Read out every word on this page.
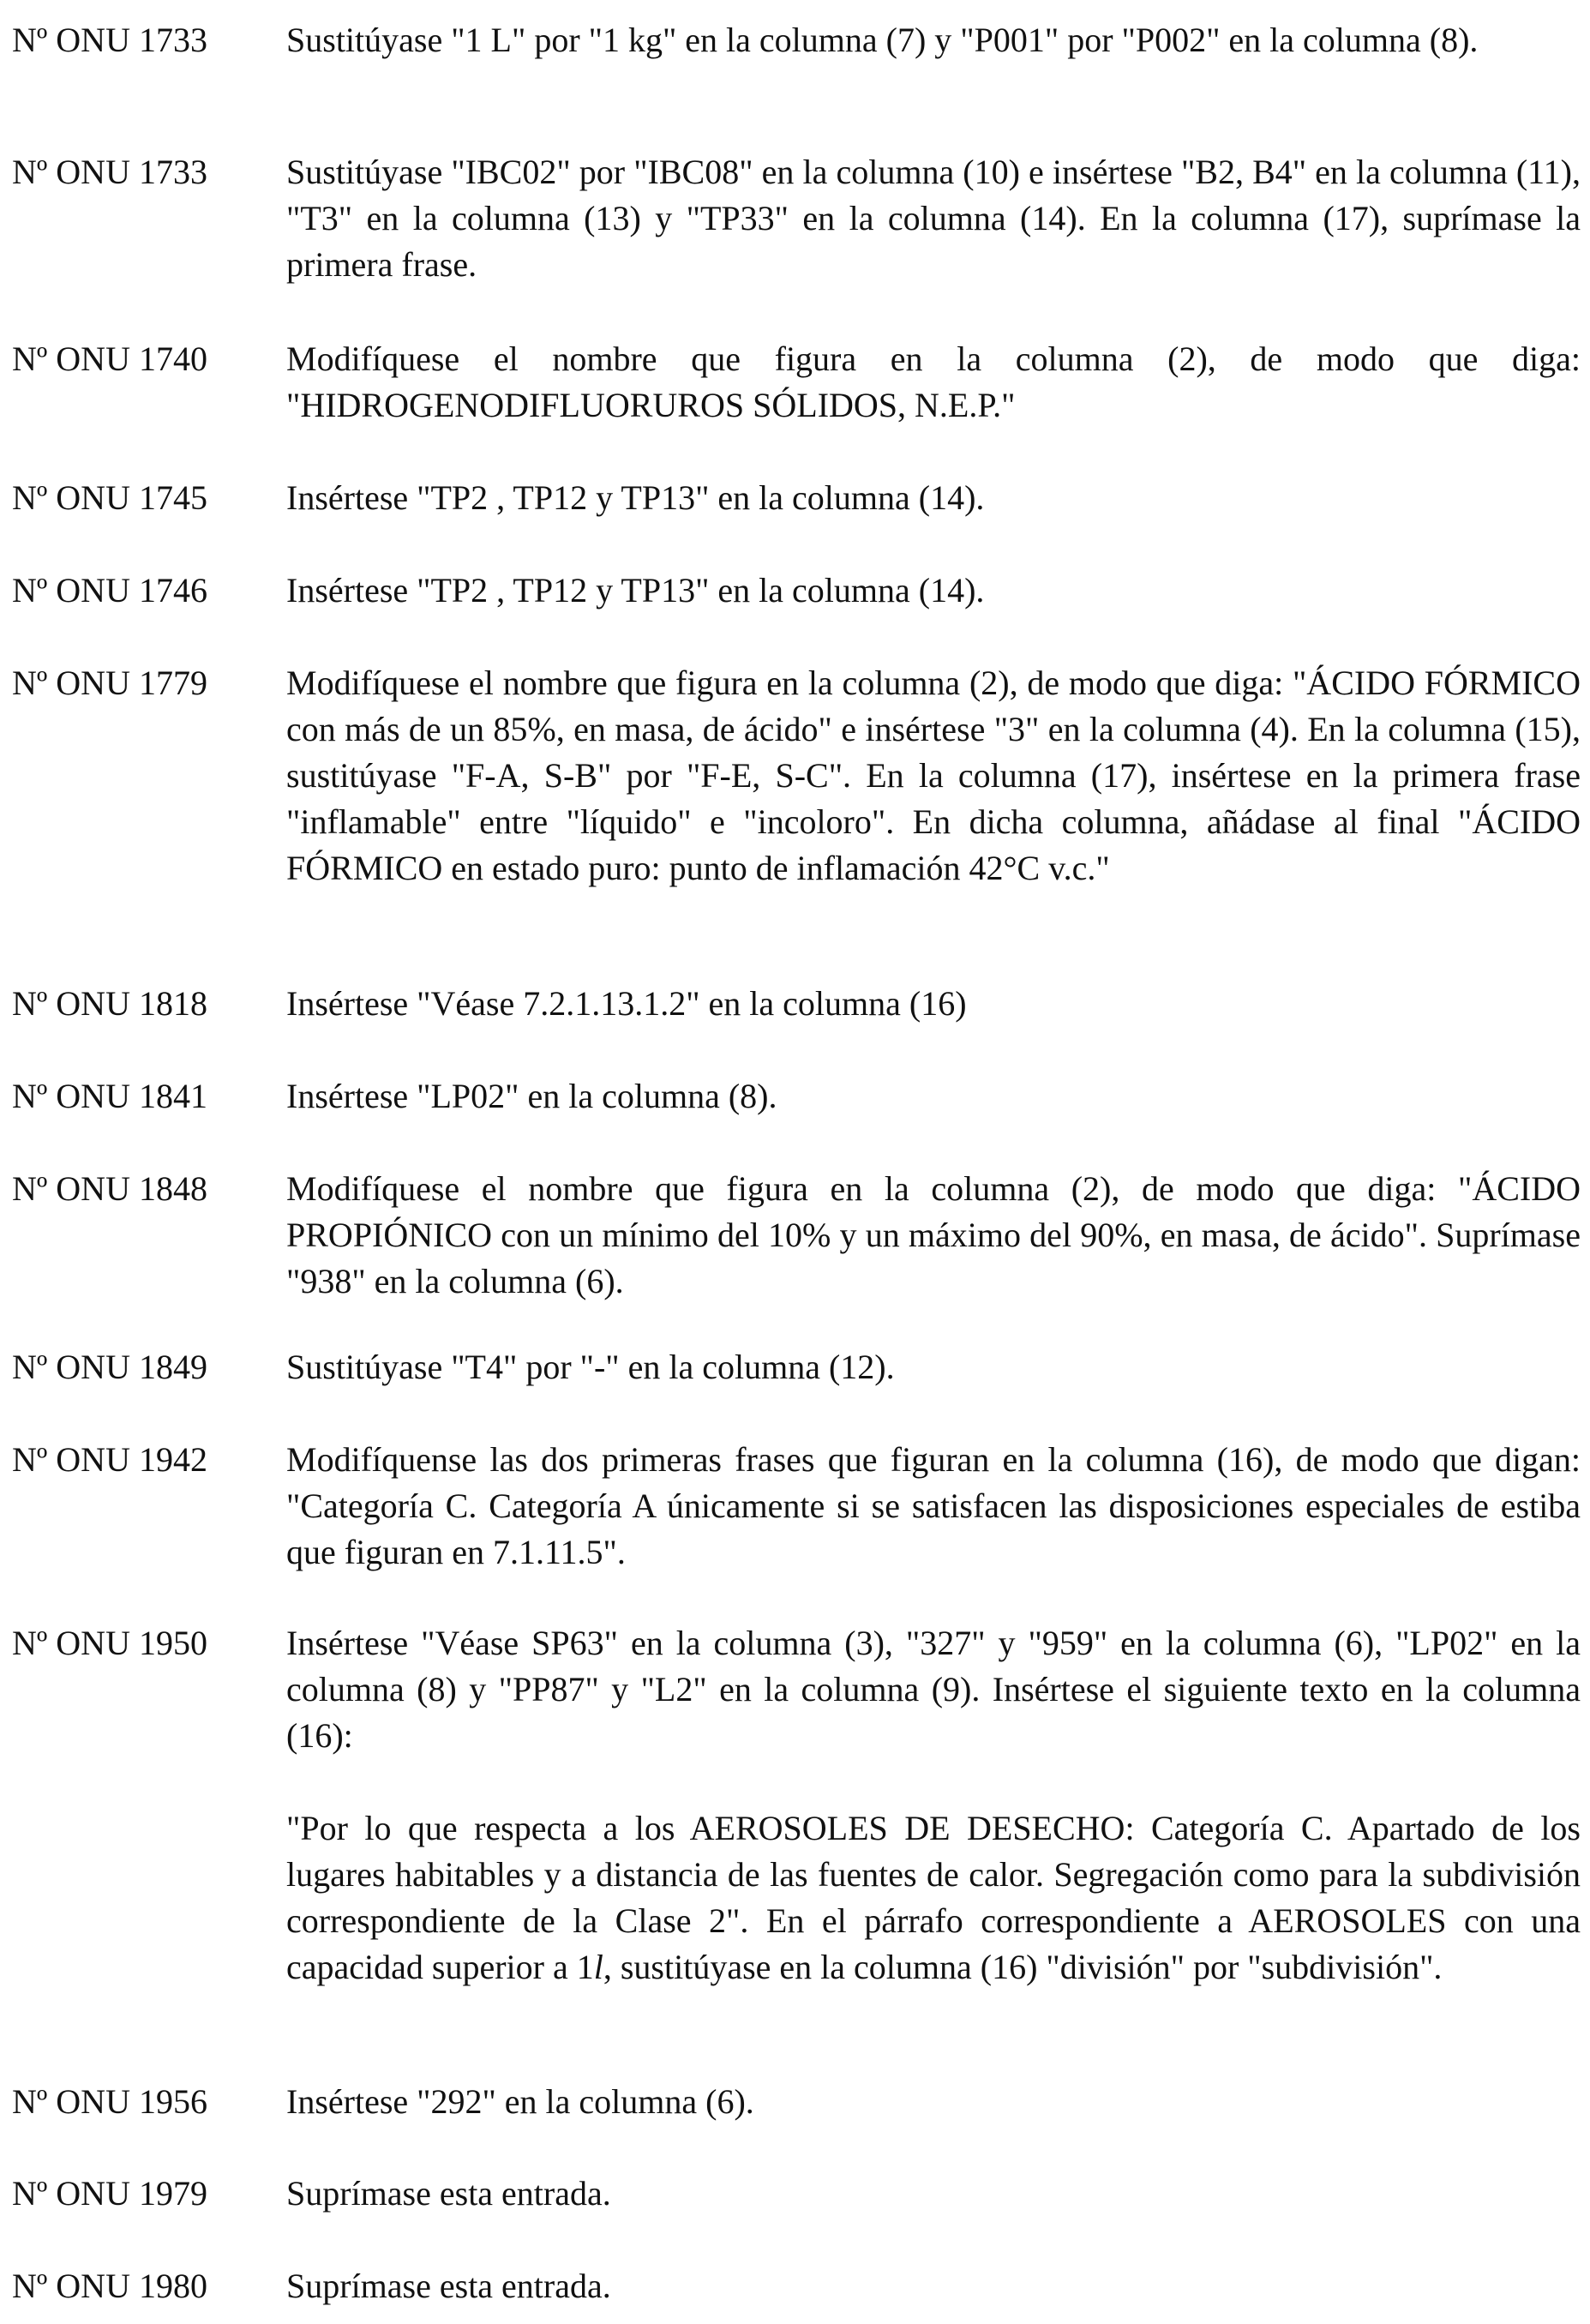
Nº ONU 1733	Sustitúyase "1 L" por "1 kg" en la columna (7) y "P001" por "P002" en la columna (8).

Nº ONU 1733	Sustitúyase "IBC02" por "IBC08" en la columna (10) e insértese "B2, B4" en la columna (11), "T3" en la columna (13) y "TP33" en la columna (14). En la columna (17), suprímase la primera frase.

Nº ONU 1740	Modifíquese el nombre que figura en la columna (2), de modo que diga: "HIDROGENODIFLUORUROS SÓLIDOS, N.E.P."

Nº ONU 1745	Insértese "TP2 , TP12 y TP13" en la columna (14).

Nº ONU 1746	Insértese "TP2 , TP12 y TP13" en la columna (14).

Nº ONU 1779	Modifíquese el nombre que figura en la columna (2), de modo que diga: "ÁCIDO FÓRMICO con más de un 85%, en masa, de ácido" e insértese "3" en la columna (4). En la columna (15), sustitúyase "F-A, S-B" por "F-E, S-C". En la columna (17), insértese en la primera frase "inflamable" entre "líquido" e "incoloro". En dicha columna, añádase al final "ÁCIDO FÓRMICO en estado puro: punto de inflamación 42°C v.c."

Nº ONU 1818	Insértese "Véase 7.2.1.13.1.2" en la columna (16)

Nº ONU 1841	Insértese "LP02" en la columna (8).

Nº ONU 1848	Modifíquese el nombre que figura en la columna (2), de modo que diga: "ÁCIDO PROPIÓNICO con un mínimo del 10% y un máximo del 90%, en masa, de ácido". Suprímase "938" en la columna (6).

Nº ONU 1849	Sustitúyase "T4" por "-" en la columna (12).

Nº ONU 1942	Modifíquense las dos primeras frases que figuran en la columna (16), de modo que digan: "Categoría C. Categoría A únicamente si se satisfacen las disposiciones especiales de estiba que figuran en 7.1.11.5".

Nº ONU 1950	Insértese "Véase SP63" en la columna (3), "327" y "959" en la columna (6), "LP02" en la columna (8) y "PP87" y "L2" en la columna (9). Insértese el siguiente texto en la columna (16):

"Por lo que respecta a los AEROSOLES DE DESECHO: Categoría C. Apartado de los lugares habitables y a distancia de las fuentes de calor. Segregación como para la subdivisión correspondiente de la Clase 2". En el párrafo correspondiente a AEROSOLES con una capacidad superior a 1l, sustitúyase en la columna (16) "división" por "subdivisión".

Nº ONU 1956	Insértese "292" en la columna (6).

Nº ONU 1979	Suprímase esta entrada.

Nº ONU 1980	Suprímase esta entrada.
